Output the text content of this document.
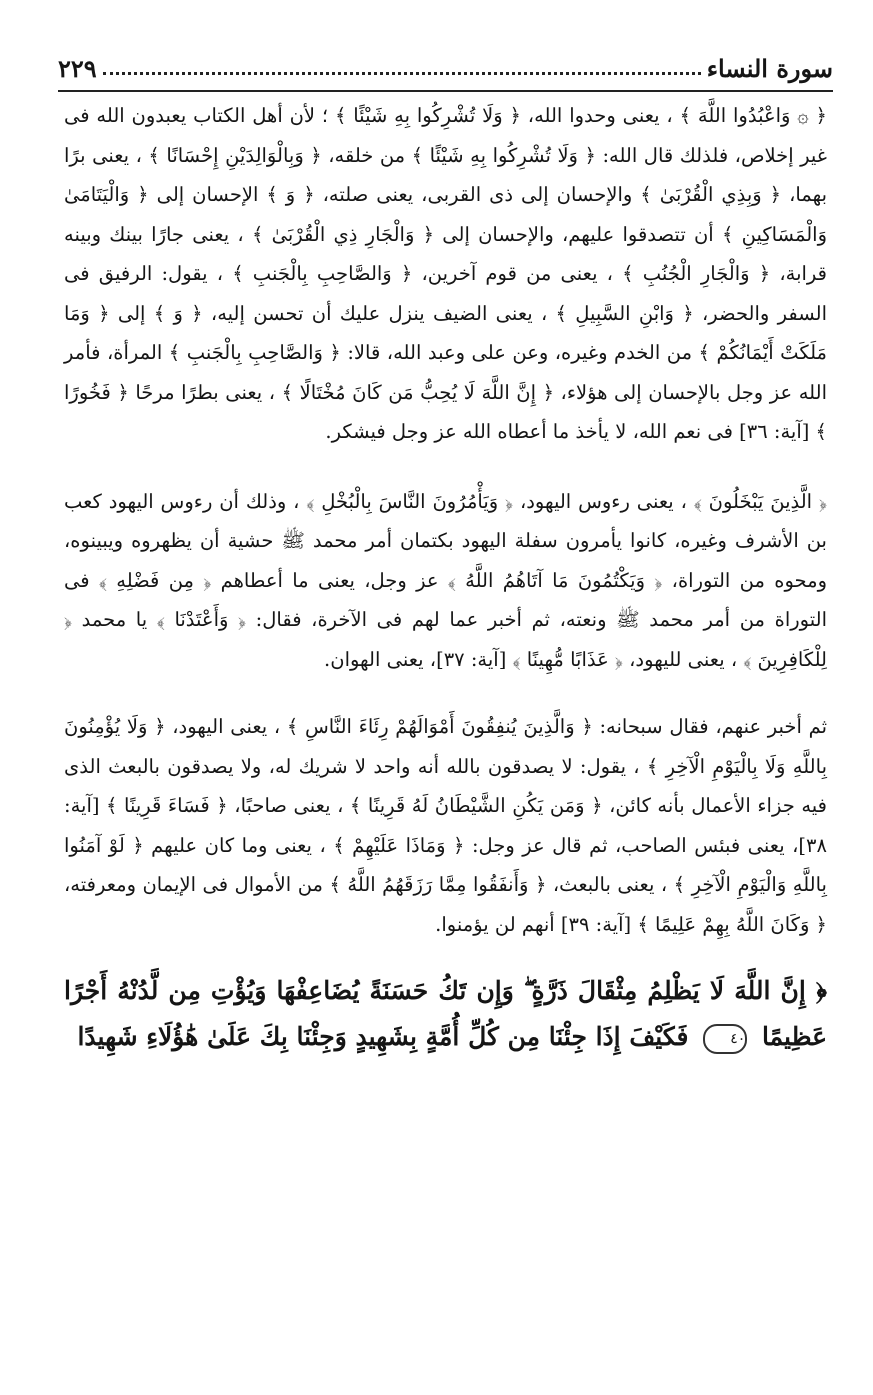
سورة النساء
٢٢٩

﴿ ۞ وَاعْبُدُوا اللَّهَ ﴾ ، يعنى وحدوا الله، ﴿ وَلَا تُشْرِكُوا بِهِ شَيْئًا ﴾ ؛ لأن أهل الكتاب يعبدون الله فى غير إخلاص، فلذلك قال الله: ﴿ وَلَا تُشْرِكُوا بِهِ شَيْئًا ﴾ من خلقه، ﴿ وَبِالْوَالِدَيْنِ إِحْسَانًا ﴾ ، يعنى برًا بهما، ﴿ وَبِذِي الْقُرْبَىٰ ﴾ والإحسان إلى ذى القربى، يعنى صلته، ﴿ وَ ﴾ الإحسان إلى ﴿ وَالْيَتَامَىٰ وَالْمَسَاكِينِ ﴾ أن تتصدقوا عليهم، والإحسان إلى ﴿ وَالْجَارِ ذِي الْقُرْبَىٰ ﴾ ، يعنى جارًا بينك وبينه قرابة، ﴿ وَالْجَارِ الْجُنُبِ ﴾ ، يعنى من قوم آخرين، ﴿ وَالصَّاحِبِ بِالْجَنبِ ﴾ ، يقول: الرفيق فى السفر والحضر، ﴿ وَابْنِ السَّبِيلِ ﴾ ، يعنى الضيف ينزل عليك أن تحسن إليه، ﴿ وَ ﴾ إلى ﴿ وَمَا مَلَكَتْ أَيْمَانُكُمْ ﴾ من الخدم وغيره، وعن على وعبد الله، قالا: ﴿ وَالصَّاحِبِ بِالْجَنبِ ﴾ المرأة، فأمر الله عز وجل بالإحسان إلى هؤلاء، ﴿ إِنَّ اللَّهَ لَا يُحِبُّ مَن كَانَ مُخْتَالًا ﴾ ، يعنى بطرًا مرحًا ﴿ فَخُورًا ﴾ [آية: ٣٦] فى نعم الله، لا يأخذ ما أعطاه الله عز وجل فيشكر.

﴿ الَّذِينَ يَبْخَلُونَ ﴾ ، يعنى رءوس اليهود، ﴿ وَيَأْمُرُونَ النَّاسَ بِالْبُخْلِ ﴾ ، وذلك أن رءوس اليهود كعب بن الأشرف وغيره، كانوا يأمرون سفلة اليهود بكتمان أمر محمد ﷺ حشية أن يظهروه ويبينوه، ومحوه من التوراة، ﴿ وَيَكْتُمُونَ مَا آتَاهُمُ اللَّهُ ﴾ عز وجل، يعنى ما أعطاهم ﴿ مِن فَضْلِهِ ﴾ فى التوراة من أمر محمد ﷺ ونعته، ثم أخبر عما لهم فى الآخرة، فقال: ﴿ وَأَعْتَدْنَا ﴾ يا محمد ﴿ لِلْكَافِرِينَ ﴾ ، يعنى لليهود، ﴿ عَذَابًا مُّهِينًا ﴾ [آية: ٣٧]، يعنى الهوان.

ثم أخبر عنهم، فقال سبحانه: ﴿ وَالَّذِينَ يُنفِقُونَ أَمْوَالَهُمْ رِئَاءَ النَّاسِ ﴾ ، يعنى اليهود، ﴿ وَلَا يُؤْمِنُونَ بِاللَّهِ وَلَا بِالْيَوْمِ الْآخِرِ ﴾ ، يقول: لا يصدقون بالله أنه واحد لا شريك له، ولا يصدقون بالبعث الذى فيه جزاء الأعمال بأنه كائن، ﴿ وَمَن يَكُنِ الشَّيْطَانُ لَهُ قَرِينًا ﴾ ، يعنى صاحبًا، ﴿ فَسَاءَ قَرِينًا ﴾ [آية: ٣٨]، يعنى فبئس الصاحب، ثم قال عز وجل: ﴿ وَمَاذَا عَلَيْهِمْ ﴾ ، يعنى وما كان عليهم ﴿ لَوْ آمَنُوا بِاللَّهِ وَالْيَوْمِ الْآخِرِ ﴾ ، يعنى بالبعث، ﴿ وَأَنفَقُوا مِمَّا رَزَقَهُمُ اللَّهُ ﴾ من الأموال فى الإيمان ومعرفته، ﴿ وَكَانَ اللَّهُ بِهِمْ عَلِيمًا ﴾ [آية: ٣٩] أنهم لن يؤمنوا.

﴿ إِنَّ اللَّهَ لَا يَظْلِمُ مِثْقَالَ ذَرَّةٍ ۖ وَإِن تَكُ حَسَنَةً يُضَاعِفْهَا وَيُؤْتِ مِن لَّدُنْهُ أَجْرًا عَظِيمًا ٤٠ فَكَيْفَ إِذَا جِئْنَا مِن كُلِّ أُمَّةٍ بِشَهِيدٍ وَجِئْنَا بِكَ عَلَىٰ هَٰؤُلَاءِ شَهِيدًا
